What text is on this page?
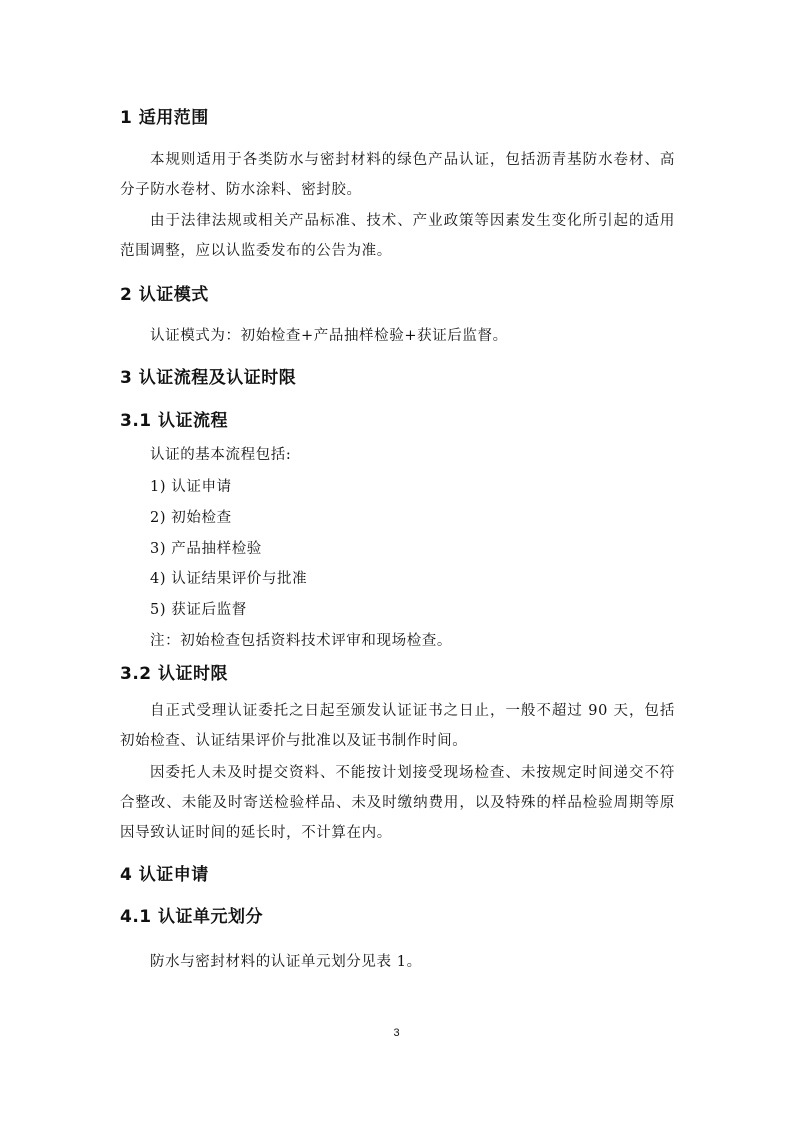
1 适用范围
本规则适用于各类防水与密封材料的绿色产品认证，包括沥青基防水卷材、高分子防水卷材、防水涂料、密封胶。
由于法律法规或相关产品标准、技术、产业政策等因素发生变化所引起的适用范围调整，应以认监委发布的公告为准。
2 认证模式
认证模式为：初始检查+产品抽样检验+获证后监督。
3 认证流程及认证时限
3.1 认证流程
认证的基本流程包括:
1) 认证申请
2) 初始检查
3) 产品抽样检验
4) 认证结果评价与批准
5) 获证后监督
注：初始检查包括资料技术评审和现场检查。
3.2 认证时限
自正式受理认证委托之日起至颁发认证证书之日止，一般不超过 90 天，包括初始检查、认证结果评价与批准以及证书制作时间。
因委托人未及时提交资料、不能按计划接受现场检查、未按规定时间递交不符合整改、未能及时寄送检验样品、未及时缴纳费用，以及特殊的样品检验周期等原因导致认证时间的延长时，不计算在内。
4 认证申请
4.1 认证单元划分
防水与密封材料的认证单元划分见表 1。
3
